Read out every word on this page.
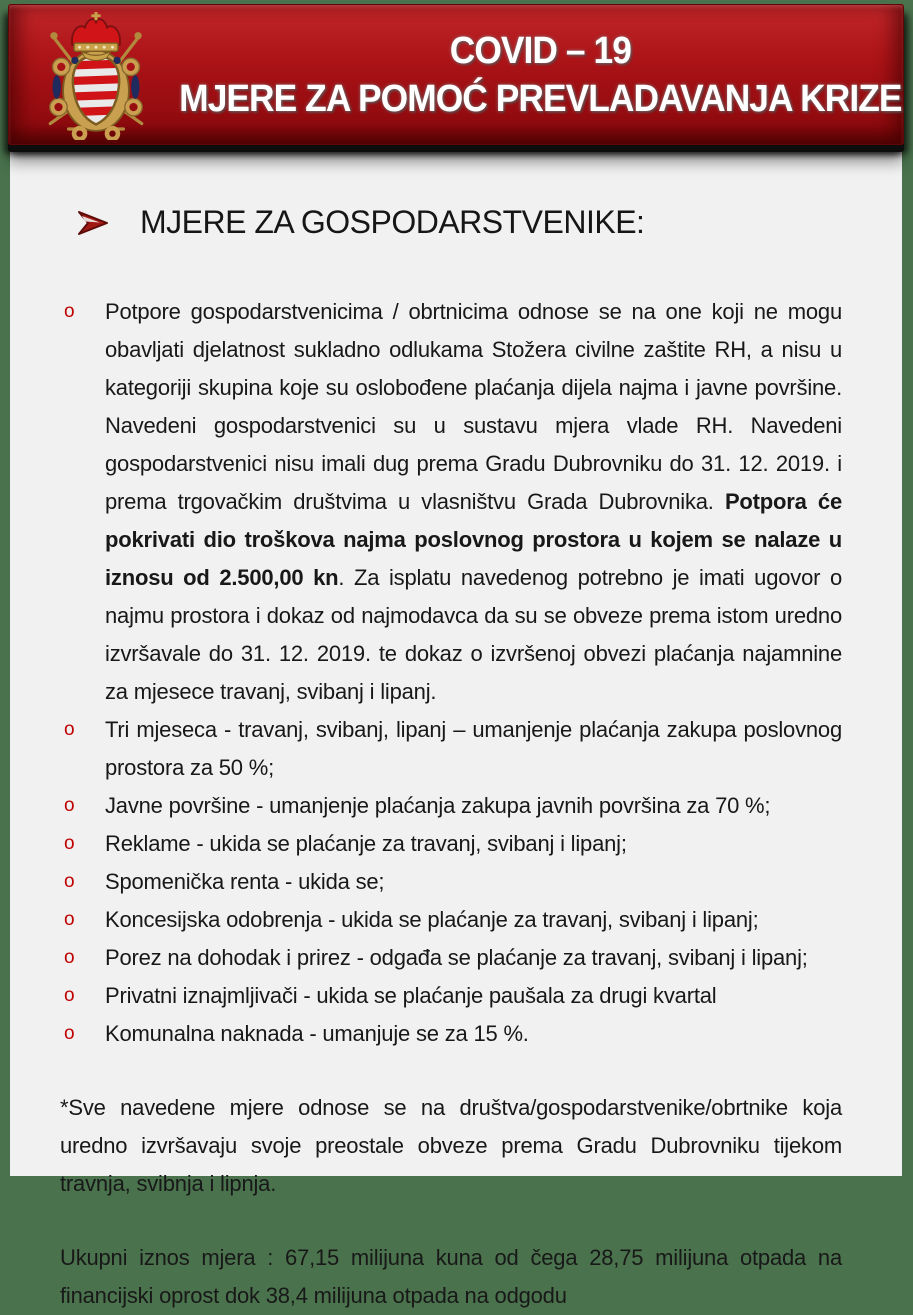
MJERE ZA GOSPODARSTVENIKE:
o	Potpore gospodarstvenicima / obrtnicima odnose se na one koji ne mogu obavljati djelatnost sukladno odlukama Stožera civilne zaštite RH, a nisu u kategoriji skupina koje su oslobođene plaćanja dijela najma i javne površine. Navedeni gospodarstvenici su u sustavu mjera vlade RH. Navedeni gospodarstvenici nisu imali dug prema Gradu Dubrovniku do 31. 12. 2019. i prema trgovačkim društvima u vlasništvu Grada Dubrovnika. Potpora će pokrivati dio troškova najma poslovnog prostora u kojem se nalaze u iznosu od 2.500,00 kn. Za isplatu navedenog potrebno je imati ugovor o najmu prostora i dokaz od najmodavca da su se obveze prema istom uredno izvršavale do 31. 12. 2019. te dokaz o izvršenoj obvezi plaćanja najamnine za mjesece travanj, svibanj i lipanj.

o	Tri mjeseca - travanj, svibanj, lipanj – umanjenje plaćanja zakupa poslovnog prostora za 50 %;

o	Javne površine - umanjenje plaćanja zakupa javnih površina za 70 %;

o	Reklame - ukida se plaćanje za travanj, svibanj i lipanj;

o	Spomenička renta - ukida se;

o	Koncesijska odobrenja - ukida se plaćanje za travanj, svibanj i lipanj;

o	Porez na dohodak i prirez - odgađa se plaćanje za travanj, svibanj i lipanj;

o	Privatni iznajmljivači - ukida se plaćanje paušala za drugi kvartal

o	Komunalna naknada - umanjuje se za 15 %.

*Sve navedene mjere odnose se na društva/gospodarstvenike/obrtnike koja uredno izvršavaju svoje preostale obveze prema Gradu Dubrovniku tijekom travnja, svibnja i lipnja.

Ukupni iznos mjera : 67,15 milijuna kuna od čega 28,75 milijuna otpada na financijski oprost dok 38,4 milijuna otpada na odgodu

COVID – 19
MJERE ZA POMOĆ PREVLADAVANJA KRIZE
